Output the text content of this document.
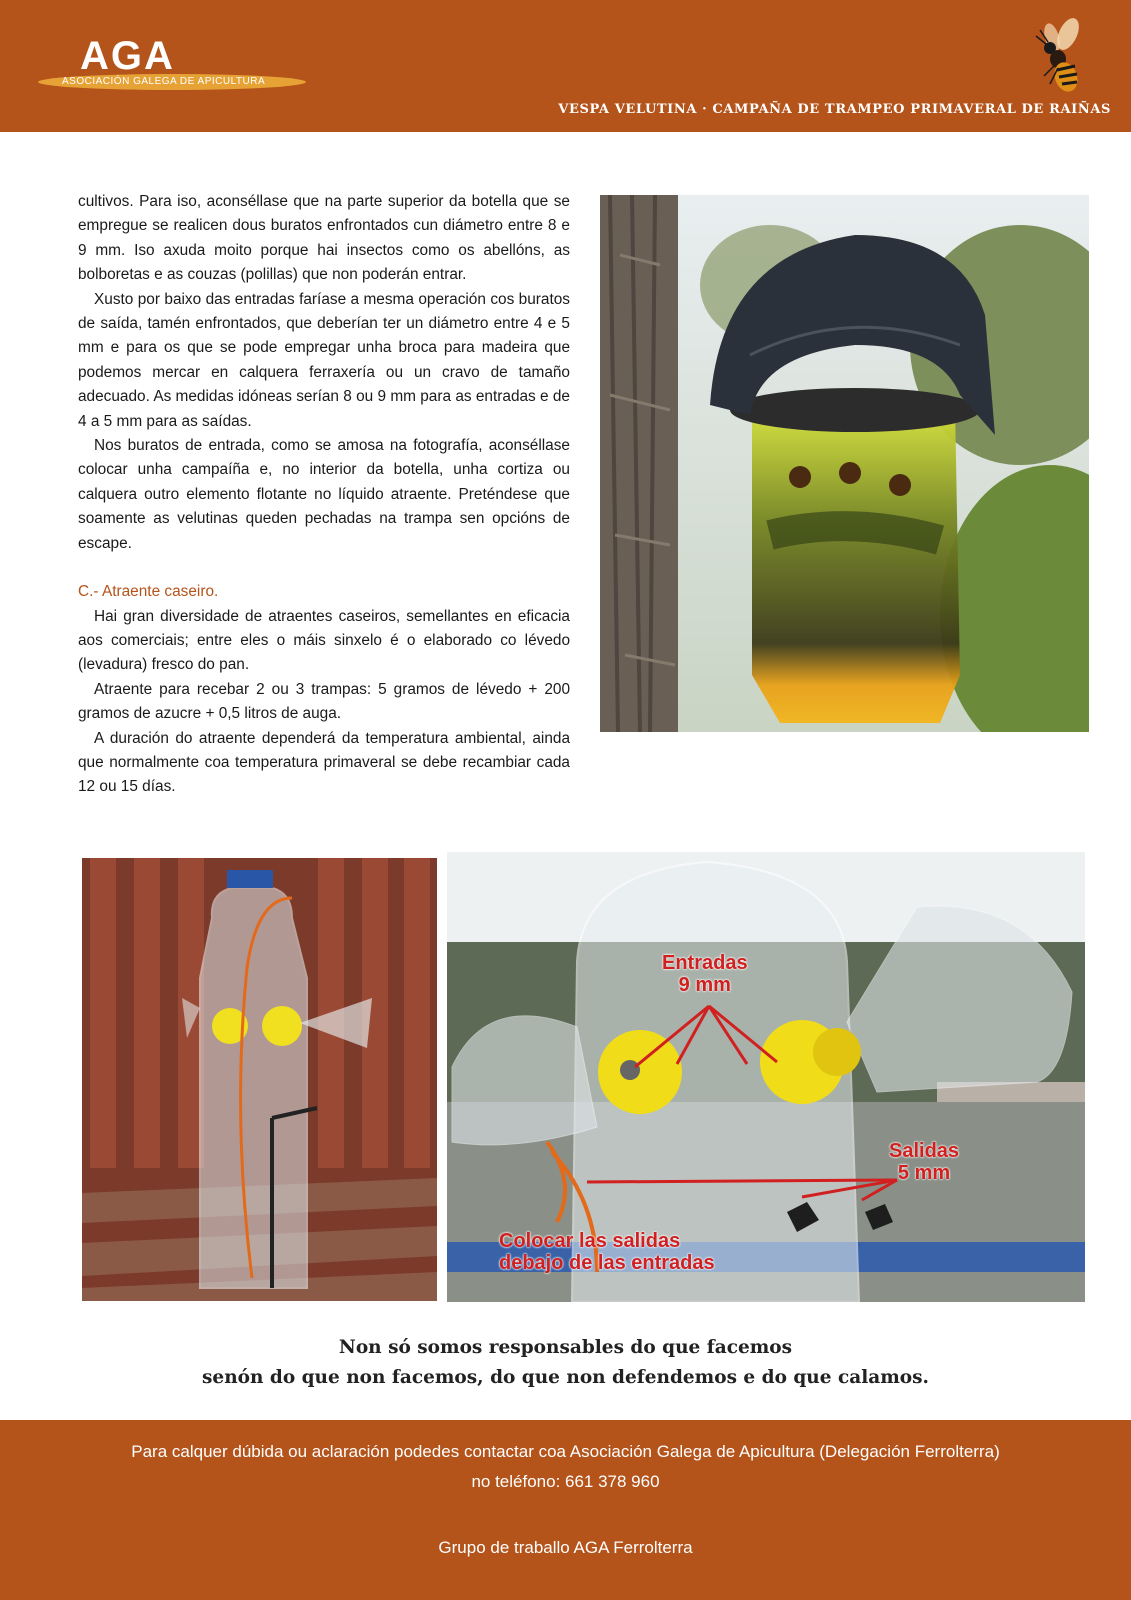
AGA
ASOCIACIÓN GALEGA DE APICULTURA
VESPA VELUTINA · CAMPAÑA DE TRAMPEO PRIMAVERAL DE RAIÑAS

cultivos. Para iso, aconséllase que na parte superior da botella que se empregue se realicen dous buratos enfrontados cun diámetro entre 8 e 9 mm. Iso axuda moito porque hai insectos como os abellóns, as bolboretas e as couzas (polillas) que non poderán entrar.

Xusto por baixo das entradas faríase a mesma operación cos buratos de saída, tamén enfrontados, que deberían ter un diámetro entre 4 e 5 mm e para os que se pode empregar unha broca para madeira que podemos mercar en calquera ferraxería ou un cravo de tamaño adecuado. As medidas idóneas serían 8 ou 9 mm para as entradas e de 4 a 5 mm para as saídas.

Nos buratos de entrada, como se amosa na fotografía, aconséllase colocar unha campaíña e, no interior da botella, unha cortiza ou calquera outro elemento flotante no líquido atraente. Preténdese que soamente as velutinas queden pechadas na trampa sen opcións de escape.

C.- Atraente caseiro.

Hai gran diversidade de atraentes caseiros, semellantes en eficacia aos comerciais; entre eles o máis sinxelo é o elaborado co lévedo (levadura) fresco do pan.

Atraente para recebar 2 ou 3 trampas: 5 gramos de lévedo + 200 gramos de azucre + 0,5 litros de auga.

A duración do atraente dependerá da temperatura ambiental, ainda que normalmente coa temperatura primaveral se debe recambiar cada 12 ou 15 días.

Entradas
9 mm
Salidas
5 mm
Colocar las salidas
debajo de las entradas
Non só somos responsables do que facemos
senón do que non facemos, do que non defendemos e do que calamos.
Para calquer dúbida ou aclaración podedes contactar coa Asociación Galega de Apicultura (Delegación Ferrolterra)
no teléfono: 661 378 960
Grupo de traballo AGA Ferrolterra
